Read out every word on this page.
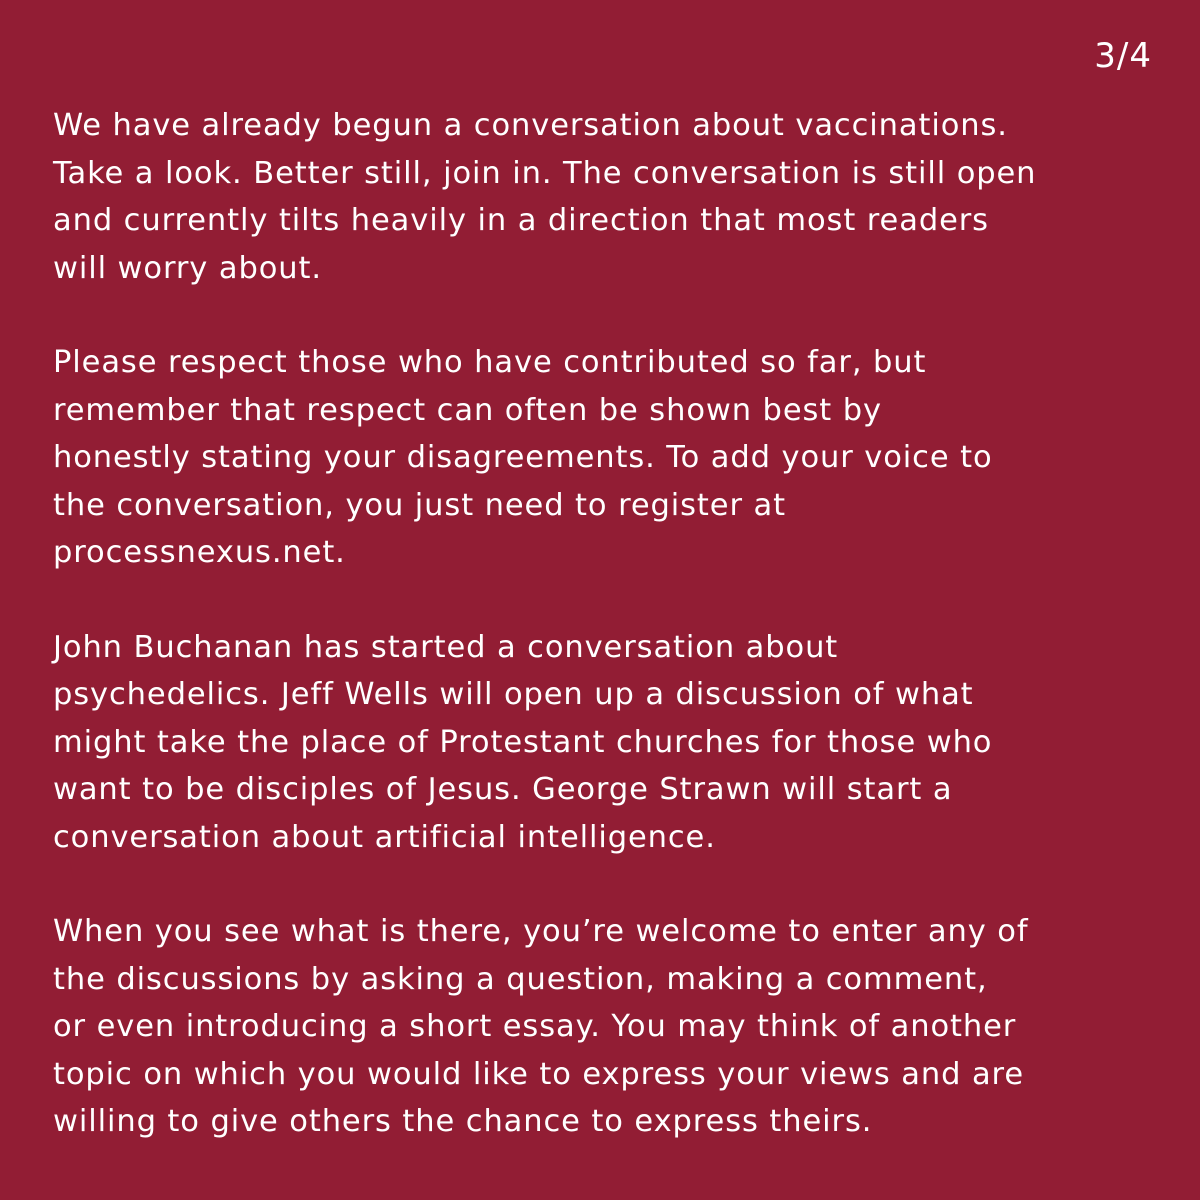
3/4

We have already begun a conversation about vaccinations.
Take a look. Better still, join in. The conversation is still open
and currently tilts heavily in a direction that most readers
will worry about.

Please respect those who have contributed so far, but
remember that respect can often be shown best by
honestly stating your disagreements. To add your voice to
the conversation, you just need to register at
processnexus.net.

John Buchanan has started a conversation about
psychedelics. Jeff Wells will open up a discussion of what
might take the place of Protestant churches for those who
want to be disciples of Jesus. George Strawn will start a
conversation about artificial intelligence.

When you see what is there, you’re welcome to enter any of
the discussions by asking a question, making a comment,
or even introducing a short essay. You may think of another
topic on which you would like to express your views and are
willing to give others the chance to express theirs.
